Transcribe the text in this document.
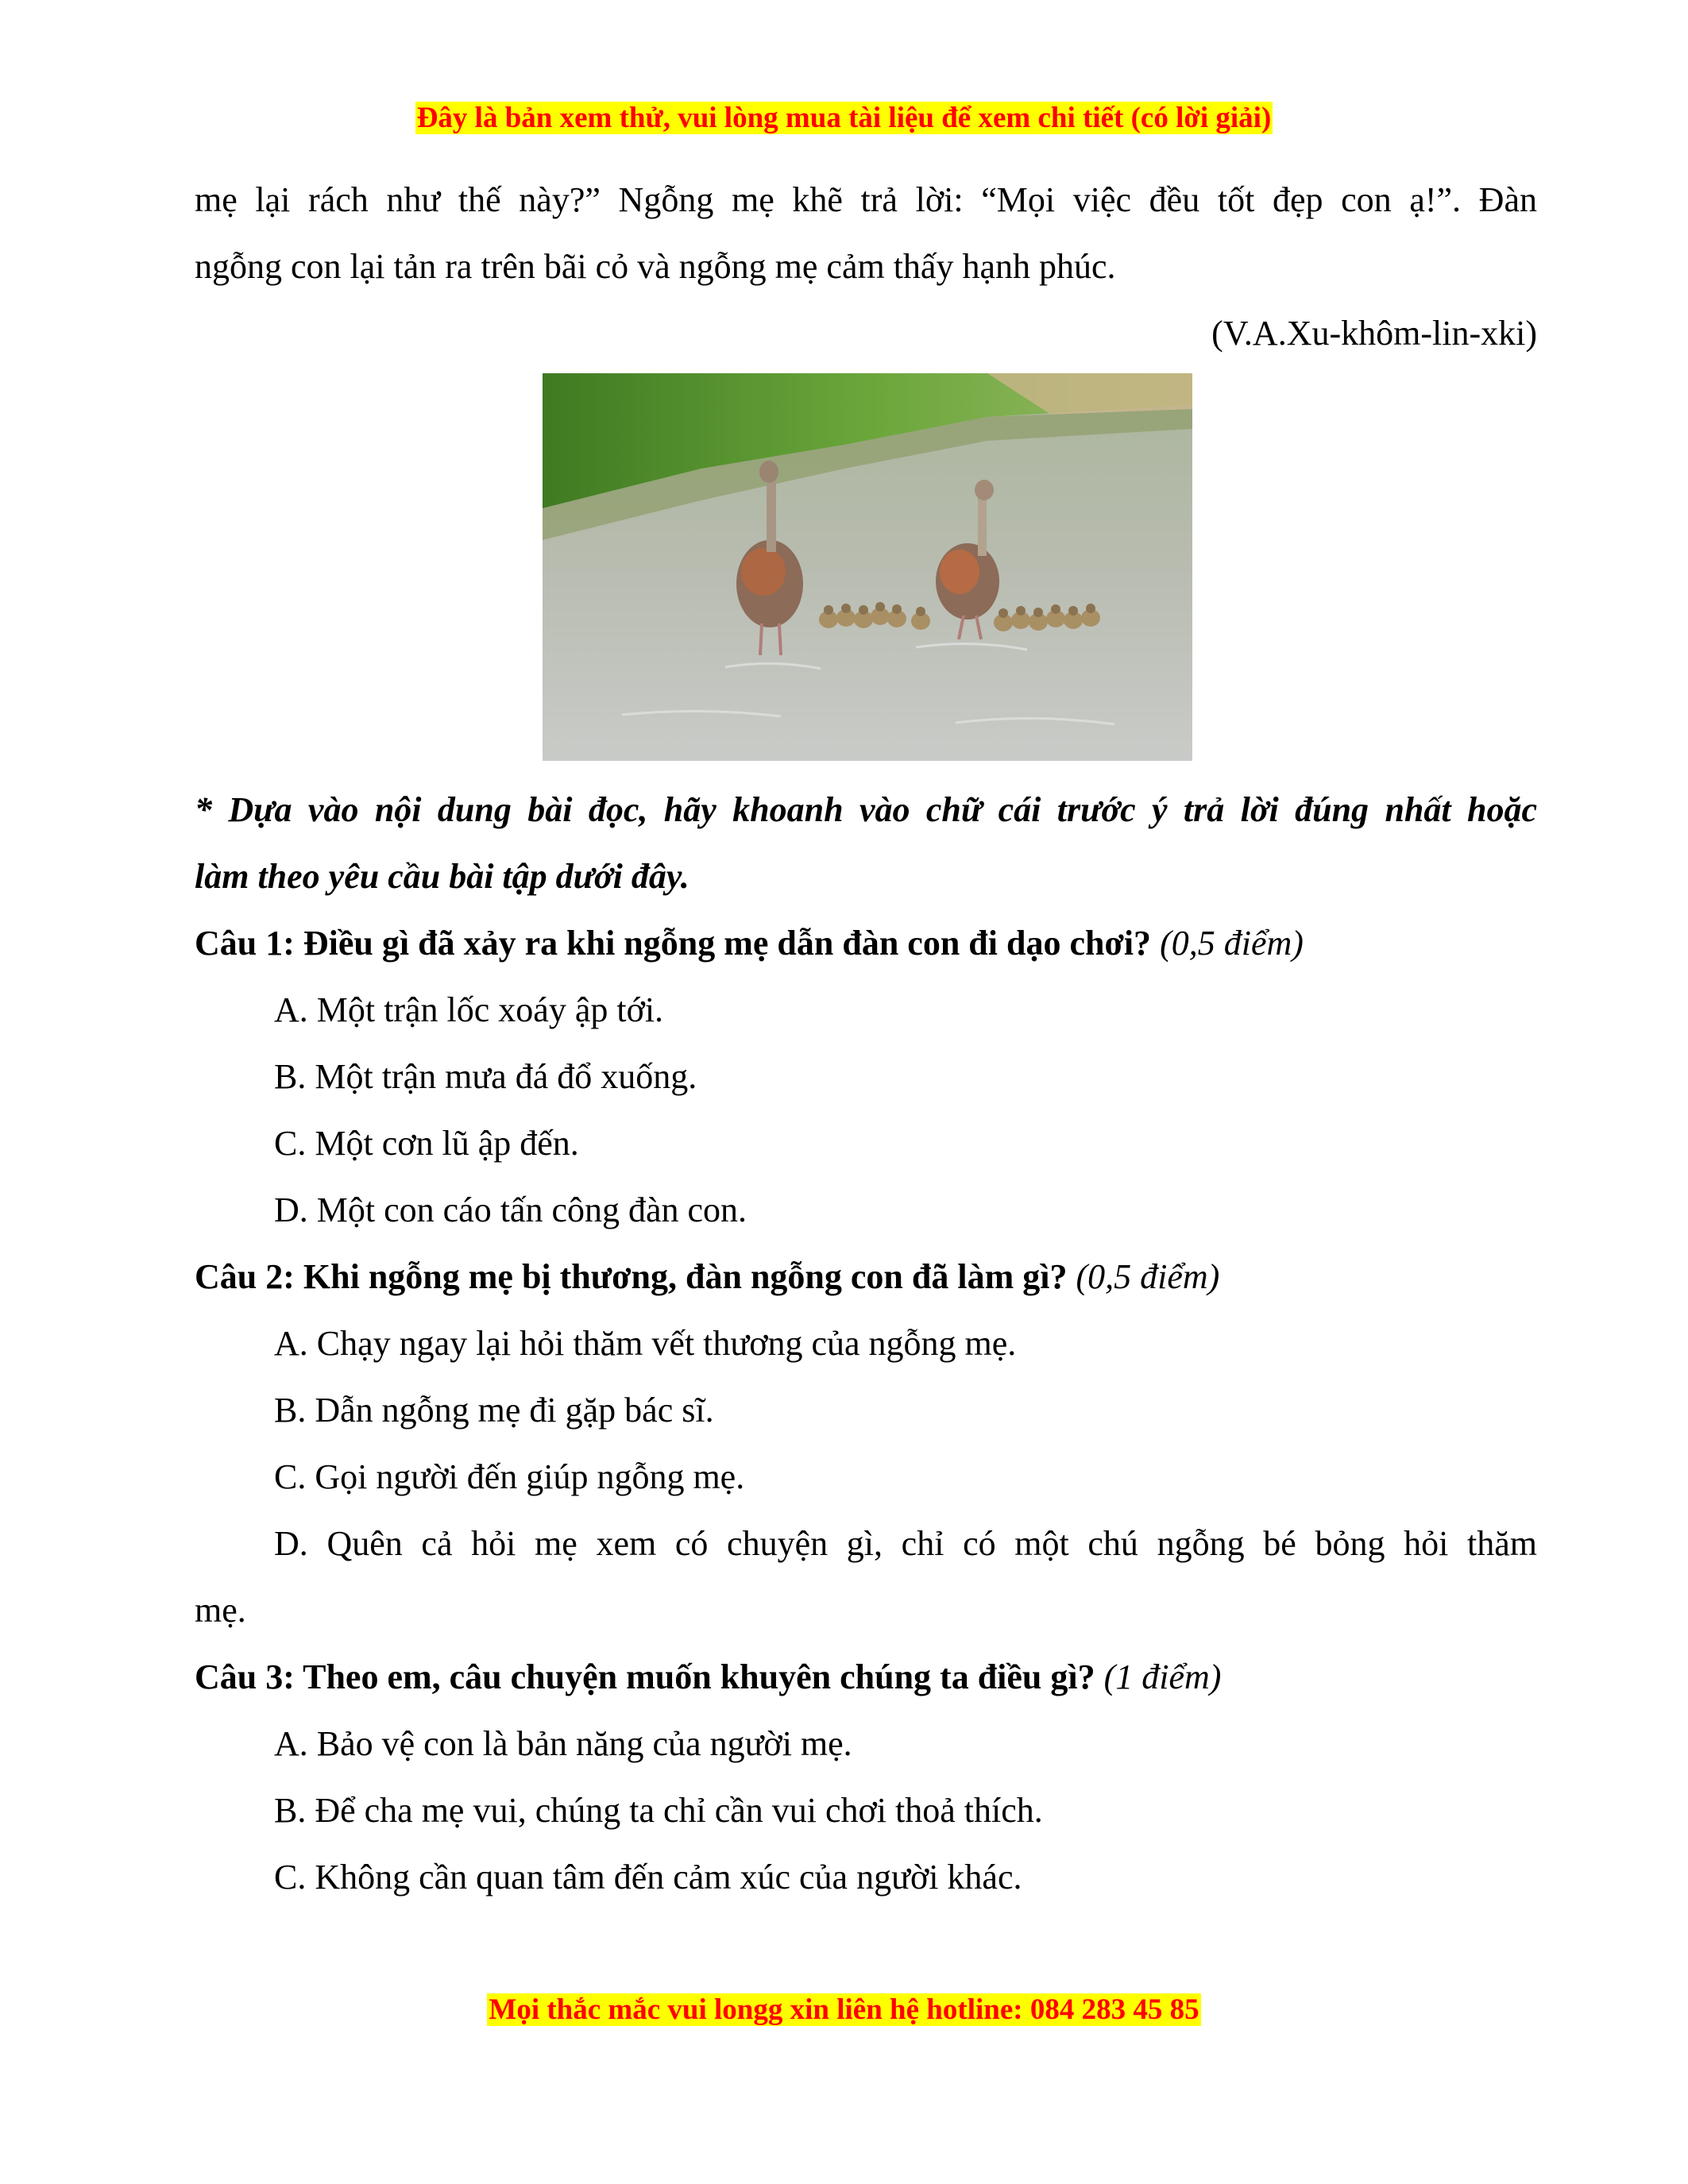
Đây là bản xem thử, vui lòng mua tài liệu để xem chi tiết (có lời giải)

mẹ lại rách như thế này?” Ngỗng mẹ khẽ trả lời: “Mọi việc đều tốt đẹp con ạ!”. Đàn

ngỗng con lại tản ra trên bãi cỏ và ngỗng mẹ cảm thấy hạnh phúc.

(V.A.Xu-khôm-lin-xki)

* Dựa vào nội dung bài đọc, hãy khoanh vào chữ cái trước ý trả lời đúng nhất hoặc

làm theo yêu cầu bài tập dưới đây.

Câu 1: Điều gì đã xảy ra khi ngỗng mẹ dẫn đàn con đi dạo chơi? (0,5 điểm)

A. Một trận lốc xoáy ập tới.

B. Một trận mưa đá đổ xuống.

C. Một cơn lũ ập đến.

D. Một con cáo tấn công đàn con.

Câu 2: Khi ngỗng mẹ bị thương, đàn ngỗng con đã làm gì? (0,5 điểm)

A. Chạy ngay lại hỏi thăm vết thương của ngỗng mẹ.

B. Dẫn ngỗng mẹ đi gặp bác sĩ.

C. Gọi người đến giúp ngỗng mẹ.

D. Quên cả hỏi mẹ xem có chuyện gì, chỉ có một chú ngỗng bé bỏng hỏi thăm

mẹ.

Câu 3: Theo em, câu chuyện muốn khuyên chúng ta điều gì? (1 điểm)

A. Bảo vệ con là bản năng của người mẹ.

B. Để cha mẹ vui, chúng ta chỉ cần vui chơi thoả thích.

C. Không cần quan tâm đến cảm xúc của người khác.

Mọi thắc mắc vui longg xin liên hệ hotline: 084 283 45 85
